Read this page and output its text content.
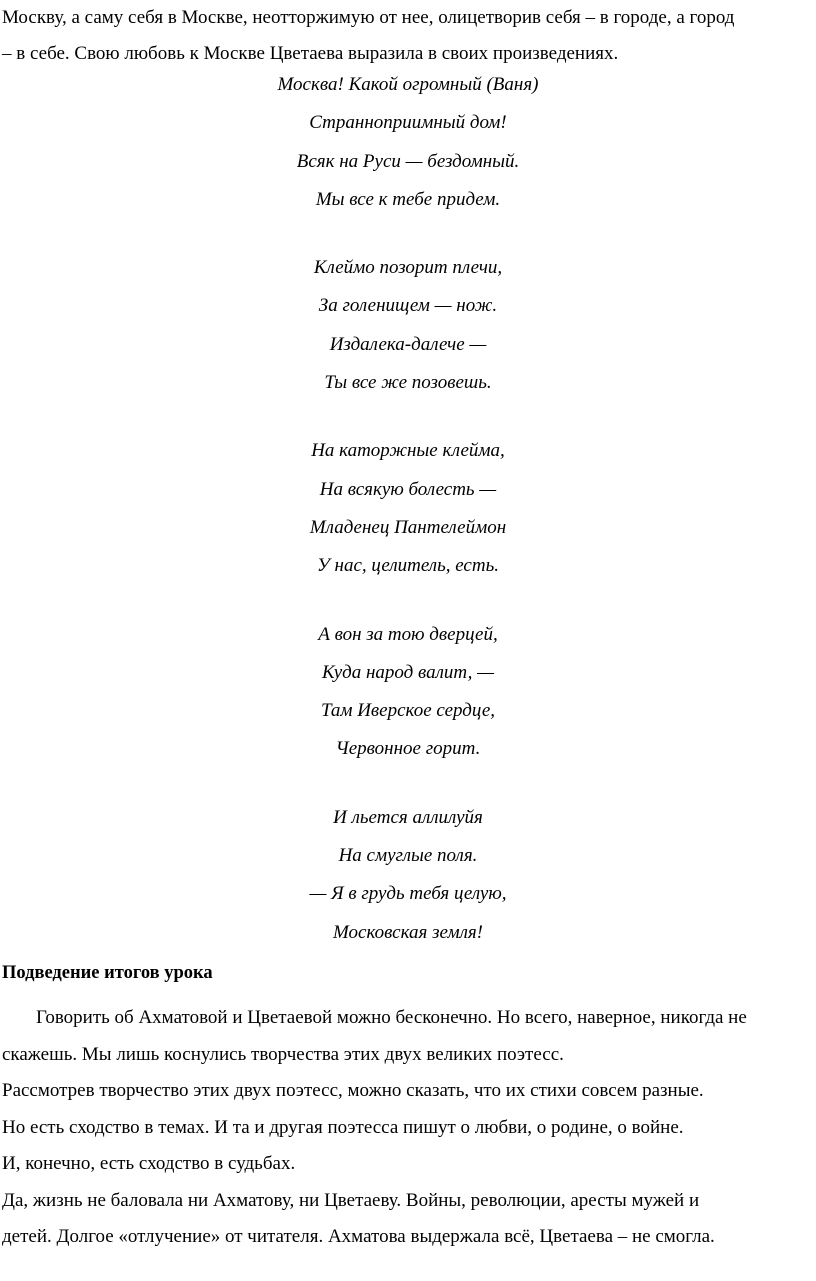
Москву, а саму себя в Москве, неотторжимую от нее, олицетворив себя – в городе, а город
– в себе. Свою любовь к Москве Цветаева выразила в своих произведениях.

Москва! Какой огромный (Ваня)
Странноприимный дом!
Всяк на Руси — бездомный.
Мы все к тебе придем.
Клеймо позорит плечи,
За голенищем — нож.
Издалека-далече —
Ты все же позовешь.
На каторжные клейма,
На всякую болесть —
Младенец Пантелеймон
У нас, целитель, есть.
А вон за тою дверцей,
Куда народ валит, —
Там Иверское сердце,
Червонное горит.
И льется аллилуйя
На смуглые поля.
— Я в грудь тебя целую,
Московская земля!
Подведение итогов урока
Говорить об Ахматовой и Цветаевой можно бесконечно. Но всего, наверное, никогда не
скажешь. Мы лишь коснулись творчества этих двух великих поэтесс.
Рассмотрев творчество этих двух поэтесс, можно сказать, что их стихи совсем разные.
Но есть сходство в темах. И та и другая поэтесса пишут о любви, о родине, о войне.
И, конечно, есть сходство в судьбах.
Да, жизнь не баловала ни Ахматову, ни Цветаеву. Войны, революции, аресты мужей и
детей. Долгое «отлучение» от читателя. Ахматова выдержала всё, Цветаева – не смогла.
